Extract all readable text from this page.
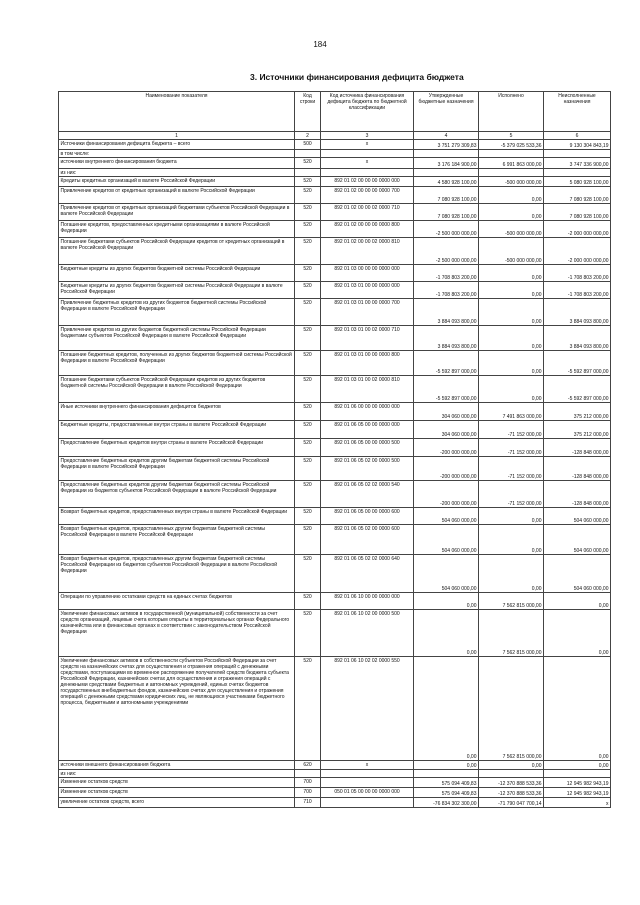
184
3. Источники финансирования дефицита бюджета
Наименование показателя	Код строки	Код источника финансирования дефицита бюджета по бюджетной классификации	Утвержденные бюджетные назначения	Исполнено	Неисполненные назначения
1	2	3	4	5	6
Источники финансирования дефицита бюджета – всего	500	x	3 751 279 309,83	-5 379 025 533,36	9 130 304 843,19
в том числе:					
источники внутреннего финансирования бюджета	520	x	3 176 184 900,00	6 991 863 000,00	3 747 336 900,00
из них:					
Кредиты кредитных организаций в валюте Российской Федерации	520	892 01 02 00 00 00 0000 000	4 580 928 100,00	-500 000 000,00	5 080 928 100,00
Привлечение кредитов от кредитных организаций в валюте Российской Федерации	520	892 01 02 00 00 00 0000 700	7 080 928 100,00	0,00	7 080 928 100,00
Привлечение кредитов от кредитных организаций бюджетами субъектов Российской Федерации в валюте Российской Федерации	520	892 01 02 00 00 02 0000 710	7 080 928 100,00	0,00	7 080 928 100,00
Погашение кредитов, предоставленных кредитными организациями в валюте Российской Федерации	520	892 01 02 00 00 00 0000 800	-2 500 000 000,00	-500 000 000,00	-2 000 000 000,00
Погашение бюджетами субъектов Российской Федерации кредитов от кредитных организаций в валюте Российской Федерации	520	892 01 02 00 00 02 0000 810	-2 500 000 000,00	-500 000 000,00	-2 000 000 000,00
Бюджетные кредиты из других бюджетов бюджетной системы Российской Федерации	520	892 01 03 00 00 00 0000 000	-1 708 803 200,00	0,00	-1 708 803 200,00
Бюджетные кредиты из других бюджетов бюджетной системы Российской Федерации в валюте Российской Федерации	520	892 01 03 01 00 00 0000 000	-1 708 803 200,00	0,00	-1 708 803 200,00
Привлечение бюджетных кредитов из других бюджетов бюджетной системы Российской Федерации в валюте Российской Федерации	520	892 01 03 01 00 00 0000 700	3 884 093 800,00	0,00	3 884 093 800,00
Привлечение кредитов из других бюджетов бюджетной системы Российской Федерации бюджетами субъектов Российской Федерации в валюте Российской Федерации	520	892 01 03 01 00 02 0000 710	3 884 093 800,00	0,00	3 884 093 800,00
Погашение бюджетных кредитов, полученных из других бюджетов бюджетной системы Российской Федерации в валюте Российской Федерации	520	892 01 03 01 00 00 0000 800	-5 592 897 000,00	0,00	-5 592 897 000,00
Погашение бюджетами субъектов Российской Федерации кредитов из других бюджетов бюджетной системы Российской Федерации в валюте Российской Федерации	520	892 01 03 01 00 02 0000 810	-5 592 897 000,00	0,00	-5 592 897 000,00
Иные источники внутреннего финансирования дефицитов бюджетов	520	892 01 06 00 00 00 0000 000	304 060 000,00	7 491 863 000,00	375 212 000,00
Бюджетные кредиты, предоставленные внутри страны в валюте Российской Федерации	520	892 01 06 05 00 00 0000 000	304 060 000,00	-71 152 000,00	375 212 000,00
Предоставление бюджетных кредитов внутри страны в валюте Российской Федерации	520	892 01 06 05 00 00 0000 500	-200 000 000,00	-71 152 000,00	-128 848 000,00
Предоставление бюджетных кредитов другим бюджетам бюджетной системы Российской Федерации в валюте Российской Федерации	520	892 01 06 05 02 00 0000 500	-200 000 000,00	-71 152 000,00	-128 848 000,00
Предоставление бюджетных кредитов другим бюджетам бюджетной системы Российской Федерации из бюджетов субъектов Российской Федерации в валюте Российской Федерации	520	892 01 06 05 02 02 0000 540	-200 000 000,00	-71 152 000,00	-128 848 000,00
Возврат бюджетных кредитов, предоставленных внутри страны в валюте Российской Федерации	520	892 01 06 05 00 00 0000 600	504 060 000,00	0,00	504 060 000,00
Возврат бюджетных кредитов, предоставленных другим бюджетам бюджетной системы Российской Федерации в валюте Российской Федерации	520	892 01 06 05 02 00 0000 600	504 060 000,00	0,00	504 060 000,00
Возврат бюджетных кредитов, предоставленных другим бюджетам бюджетной системы Российской Федерации из бюджетов субъектов Российской Федерации в валюте Российской Федерации	520	892 01 06 05 02 02 0000 640	504 060 000,00	0,00	504 060 000,00
Операции по управлению остатками средств на единых счетах бюджетов	520	892 01 06 10 00 00 0000 000	0,00	7 562 815 000,00	0,00
Увеличение финансовых активов в государственной (муниципальной) собственности за счет средств организаций, лицевые счета которым открыты в территориальных органах Федерального казначейства или в финансовых органах в соответствии с законодательством Российской Федерации	520	892 01 06 10 02 00 0000 500	0,00	7 562 815 000,00	0,00
Увеличение финансовых активов в собственности субъектов Российской Федерации за счет средств на казначейских счетах для осуществления и отражения операций с денежными средствами, поступающими во временное распоряжение получателей средств бюджета субъекта Российской Федерации, казначейских счетах для осуществления и отражения операций с денежными средствами бюджетных и автономных учреждений, единых счетах бюджетов государственных внебюджетных фондов, казначейских счетах для осуществления и отражения операций с денежными средствами юридических лиц, не являющихся участниками бюджетного процесса, бюджетными и автономными учреждениями	520	892 01 06 10 02 02 0000 550	0,00	7 562 815 000,00	0,00
источники внешнего финансирования бюджета	620	x	0,00	0,00	0,00
из них:					
Изменение остатков средств	700		575 094 409,83	-12 370 888 533,36	12 945 982 943,19
Изменение остатков средств	700	050 01 05 00 00 00 0000 000	575 094 409,83	-12 370 888 533,36	12 945 982 943,19
увеличение остатков средств, всего	710		-76 834 302 300,00	-71 790 047 700,14	x
